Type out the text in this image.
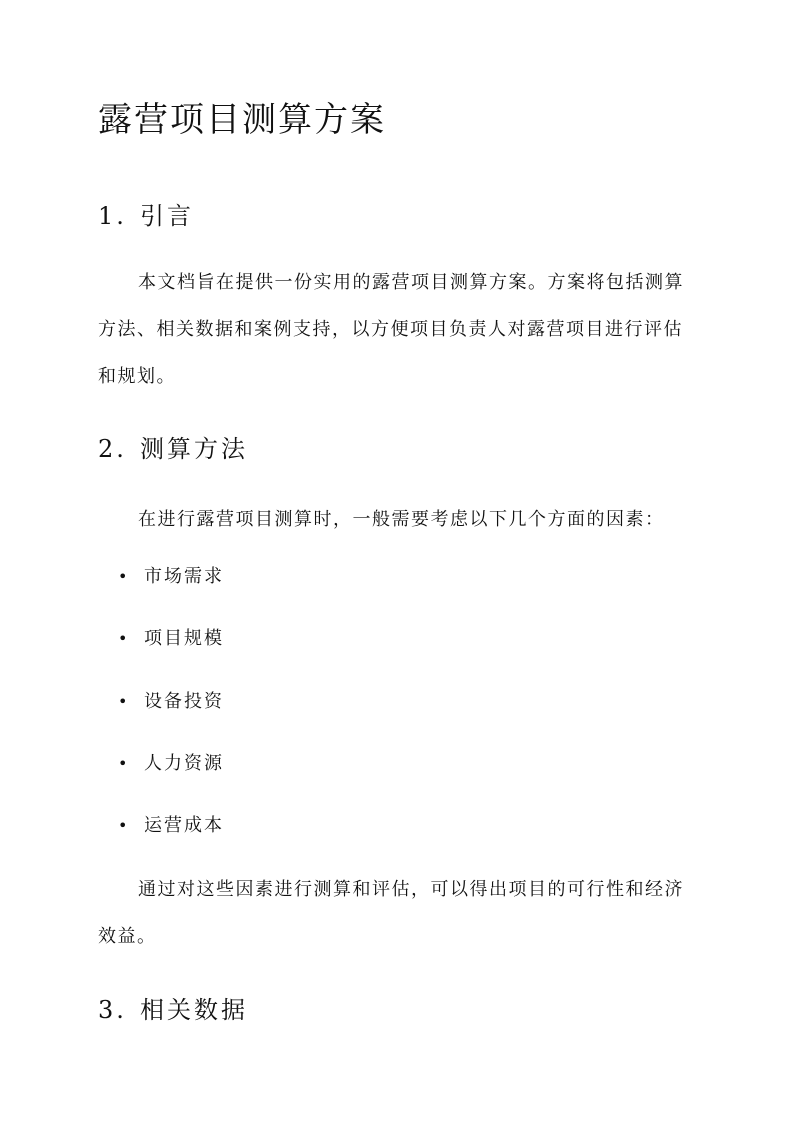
露营项目测算方案
1. 引言

本文档旨在提供一份实用的露营项目测算方案。方案将包括测算方法、相关数据和案例支持，以方便项目负责人对露营项目进行评估和规划。

2. 测算方法

在进行露营项目测算时，一般需要考虑以下几个方面的因素：

• 市场需求
• 项目规模
• 设备投资
• 人力资源
• 运营成本

通过对这些因素进行测算和评估，可以得出项目的可行性和经济效益。

3. 相关数据
